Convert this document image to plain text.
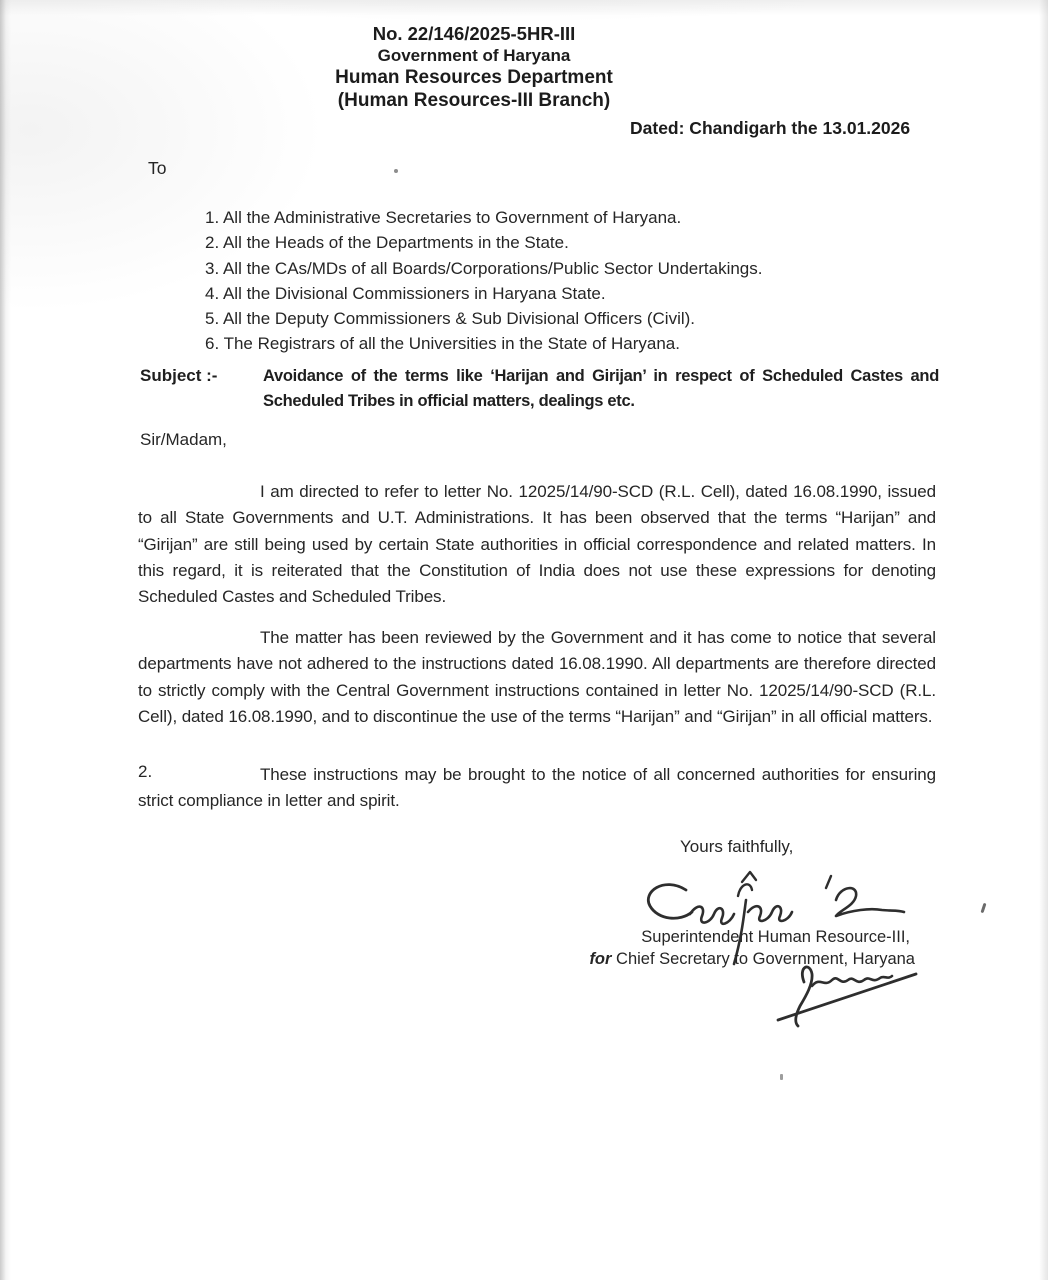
No. 22/146/2025-5HR-III
Government of Haryana
Human Resources Department
(Human Resources-III Branch)
Dated: Chandigarh the 13.01.2026
To
1. All the Administrative Secretaries to Government of Haryana.
2. All the Heads of the Departments in the State.
3. All the CAs/MDs of all Boards/Corporations/Public Sector Undertakings.
4. All the Divisional Commissioners in Haryana State.
5. All the Deputy Commissioners & Sub Divisional Officers (Civil).
6. The Registrars of all the Universities in the State of Haryana.
Subject :-	Avoidance of the terms like ‘Harijan and Girijan’ in respect of Scheduled Castes and Scheduled Tribes in official matters, dealings etc.
Sir/Madam,
I am directed to refer to letter No. 12025/14/90-SCD (R.L. Cell), dated 16.08.1990, issued to all State Governments and U.T. Administrations. It has been observed that the terms “Harijan” and “Girijan” are still being used by certain State authorities in official correspondence and related matters. In this regard, it is reiterated that the Constitution of India does not use these expressions for denoting Scheduled Castes and Scheduled Tribes.
The matter has been reviewed by the Government and it has come to notice that several departments have not adhered to the instructions dated 16.08.1990. All departments are therefore directed to strictly comply with the Central Government instructions contained in letter No. 12025/14/90-SCD (R.L. Cell), dated 16.08.1990, and to discontinue the use of the terms “Harijan” and “Girijan” in all official matters.
2.	These instructions may be brought to the notice of all concerned authorities for ensuring strict compliance in letter and spirit.
Yours faithfully,
Superintendent Human Resource-III,
for Chief Secretary to Government, Haryana
